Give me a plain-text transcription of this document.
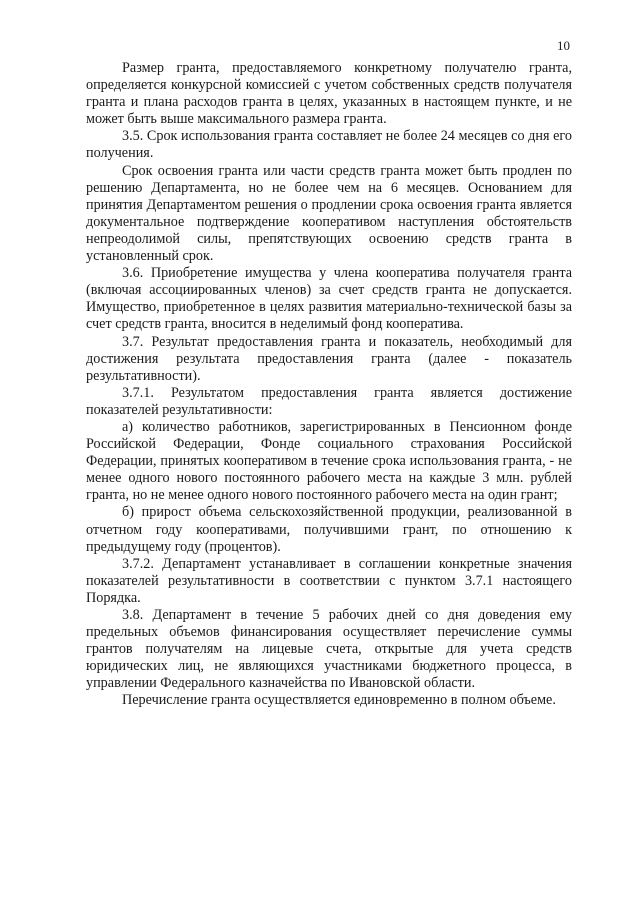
10

Размер гранта, предоставляемого конкретному получателю гранта, определяется конкурсной комиссией с учетом собственных средств получателя гранта и плана расходов гранта в целях, указанных в настоящем пункте, и не может быть выше максимального размера гранта.

3.5. Срок использования гранта составляет не более 24 месяцев со дня его получения.

Срок освоения гранта или части средств гранта может быть продлен по решению Департамента, но не более чем на 6 месяцев. Основанием для принятия Департаментом решения о продлении срока освоения гранта является документальное подтверждение кооперативом наступления обстоятельств непреодолимой силы, препятствующих освоению средств гранта в установленный срок.

3.6. Приобретение имущества у члена кооператива получателя гранта (включая ассоциированных членов) за счет средств гранта не допускается. Имущество, приобретенное в целях развития материально-технической базы за счет средств гранта, вносится в неделимый фонд кооператива.

3.7. Результат предоставления гранта и показатель, необходимый для достижения результата предоставления гранта (далее - показатель результативности).

3.7.1. Результатом предоставления гранта является достижение показателей результативности:

а) количество работников, зарегистрированных в Пенсионном фонде Российской Федерации, Фонде социального страхования Российской Федерации, принятых кооперативом в течение срока использования гранта, - не менее одного нового постоянного рабочего места на каждые 3 млн. рублей гранта, но не менее одного нового постоянного рабочего места на один грант;

б) прирост объема сельскохозяйственной продукции, реализованной в отчетном году кооперативами, получившими грант, по отношению к предыдущему году (процентов).

3.7.2. Департамент устанавливает в соглашении конкретные значения показателей результативности в соответствии с пунктом 3.7.1 настоящего Порядка.

3.8. Департамент в течение 5 рабочих дней со дня доведения ему предельных объемов финансирования осуществляет перечисление суммы грантов получателям на лицевые счета, открытые для учета средств юридических лиц, не являющихся участниками бюджетного процесса, в управлении Федерального казначейства по Ивановской области.

Перечисление гранта осуществляется единовременно в полном объеме.
